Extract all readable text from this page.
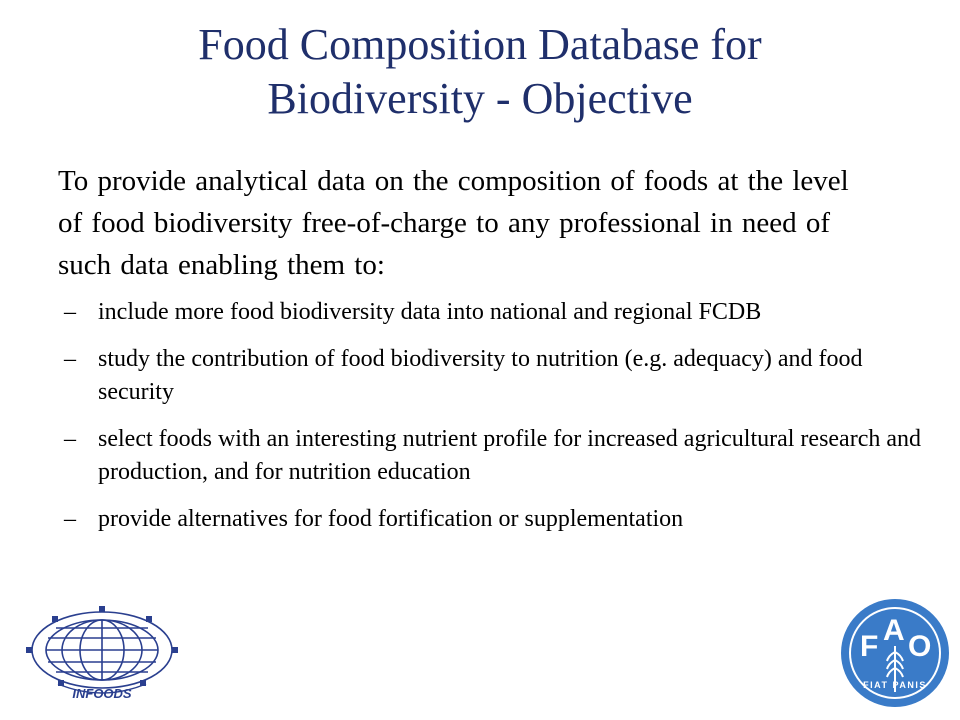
Food Composition Database for
Biodiversity - Objective

To provide analytical data on the composition of foods at the level of food biodiversity free-of-charge to any professional in need of such data enabling them to:

– include more food biodiversity data into national and regional FCDB
– study the contribution of food biodiversity to nutrition (e.g. adequacy) and food security
– select foods with an interesting nutrient profile for increased agricultural research and production, and for nutrition education
– provide alternatives for food fortification or supplementation
INFOODS
F A O
FIAT PANIS
